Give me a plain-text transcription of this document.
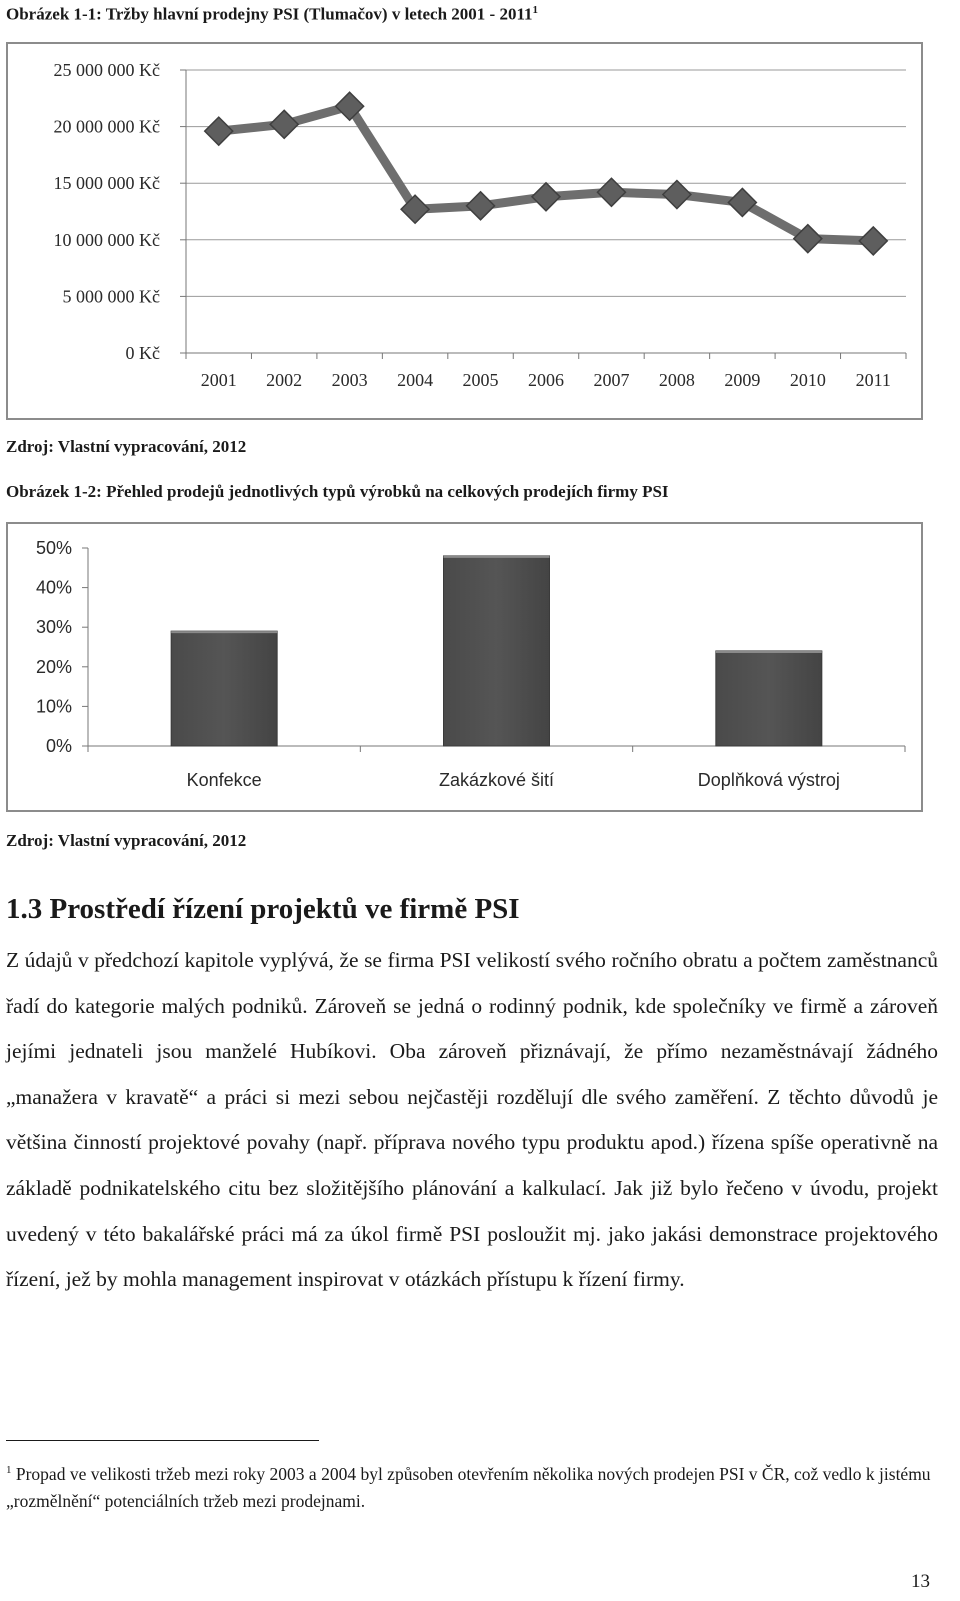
Obrázek 1-1: Tržby hlavní prodejny PSI (Tlumačov) v letech 2001 - 2011$^1$
0 Kč
5 000 000 Kč
10 000 000 Kč
15 000 000 Kč
20 000 000 Kč
25 000 000 Kč
2001 2002 2003 2004 2005 2006 2007 2008 2009 2010 2011
Zdroj: Vlastní vypracování, 2012
Obrázek 1-2: Přehled prodejů jednotlivých typů výrobků na celkových prodejích firmy PSI
0%
10%
20%
30%
40%
50%
Konfekce	Zakázkové šití	Doplňková výstroj
Zdroj: Vlastní vypracování, 2012
1.3 Prostředí řízení projektů ve firmě PSI
Z údajů v předchozí kapitole vyplývá, že se firma PSI velikostí svého ročního obratu a počtem zaměstnanců řadí do kategorie malých podniků. Zároveň se jedná o rodinný podnik, kde společníky ve firmě a zároveň jejími jednateli jsou manželé Hubíkovi. Oba zároveň přiznávají, že přímo nezaměstnávají žádného „manažera v kravatě“ a práci si mezi sebou nejčastěji rozdělují dle svého zaměření. Z těchto důvodů je většina činností projektové povahy (např. příprava nového typu produktu apod.) řízena spíše operativně na základě podnikatelského citu bez složitějšího plánování a kalkulací. Jak již bylo řečeno v úvodu, projekt uvedený v této bakalářské práci má za úkol firmě PSI posloužit mj. jako jakási demonstrace projektového řízení, jež by mohla management inspirovat v otázkách přístupu k řízení firmy.
$^1$ Propad ve velikosti tržeb mezi roky 2003 a 2004 byl způsoben otevřením několika nových prodejen PSI v ČR, což vedlo k jistému „rozmělnění“ potenciálních tržeb mezi prodejnami.
13
